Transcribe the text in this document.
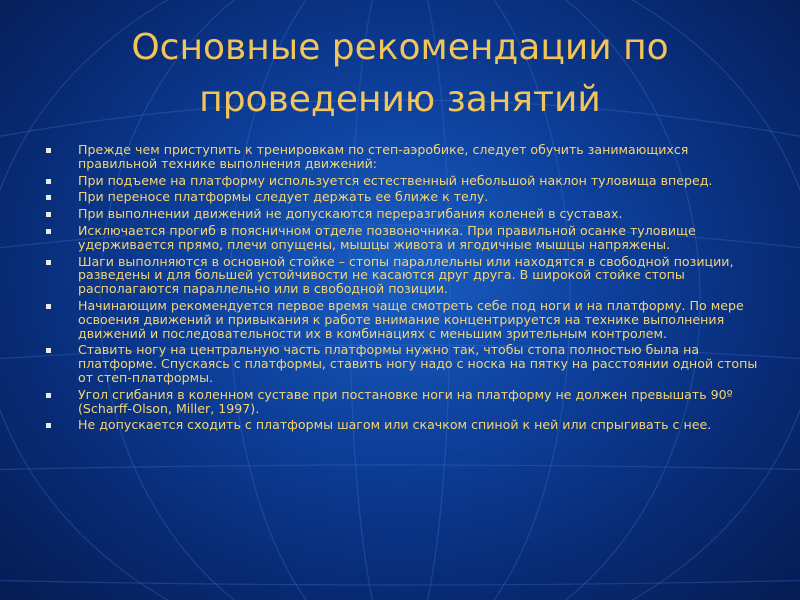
Основные рекомендации по
проведению занятий
Прежде чем приступить к тренировкам по степ-аэробике, следует обучить занимающихся правильной технике выполнения движений:
При подъеме на платформу используется естественный небольшой наклон туловища вперед.
При переносе платформы следует держать ее ближе к телу.
При выполнении движений не допускаются переразгибания коленей в суставах.
Исключается прогиб в поясничном отделе позвоночника. При правильной осанке туловище удерживается прямо, плечи опущены, мышцы живота и ягодичные мышцы напряжены.
Шаги выполняются в основной стойке – стопы параллельны или находятся в свободной позиции, разведены и для большей устойчивости не касаются друг друга. В широкой стойке стопы располагаются параллельно или в свободной позиции.
Начинающим рекомендуется первое время чаще смотреть себе под ноги и на платформу. По мере освоения движений и привыкания к работе внимание концентрируется на технике выполнения движений и последовательности их в комбинациях с меньшим зрительным контролем.
Ставить ногу на центральную часть платформы нужно так, чтобы стопа полностью была на платформе. Спускаясь с платформы, ставить ногу надо с носка на пятку на расстоянии одной стопы от степ-платформы.
Угол сгибания в коленном суставе при постановке ноги на платформу не должен превышать 90º (Scharff-Olson, Miller, 1997).
Не допускается сходить с платформы шагом или скачком спиной к ней или спрыгивать с нее.
